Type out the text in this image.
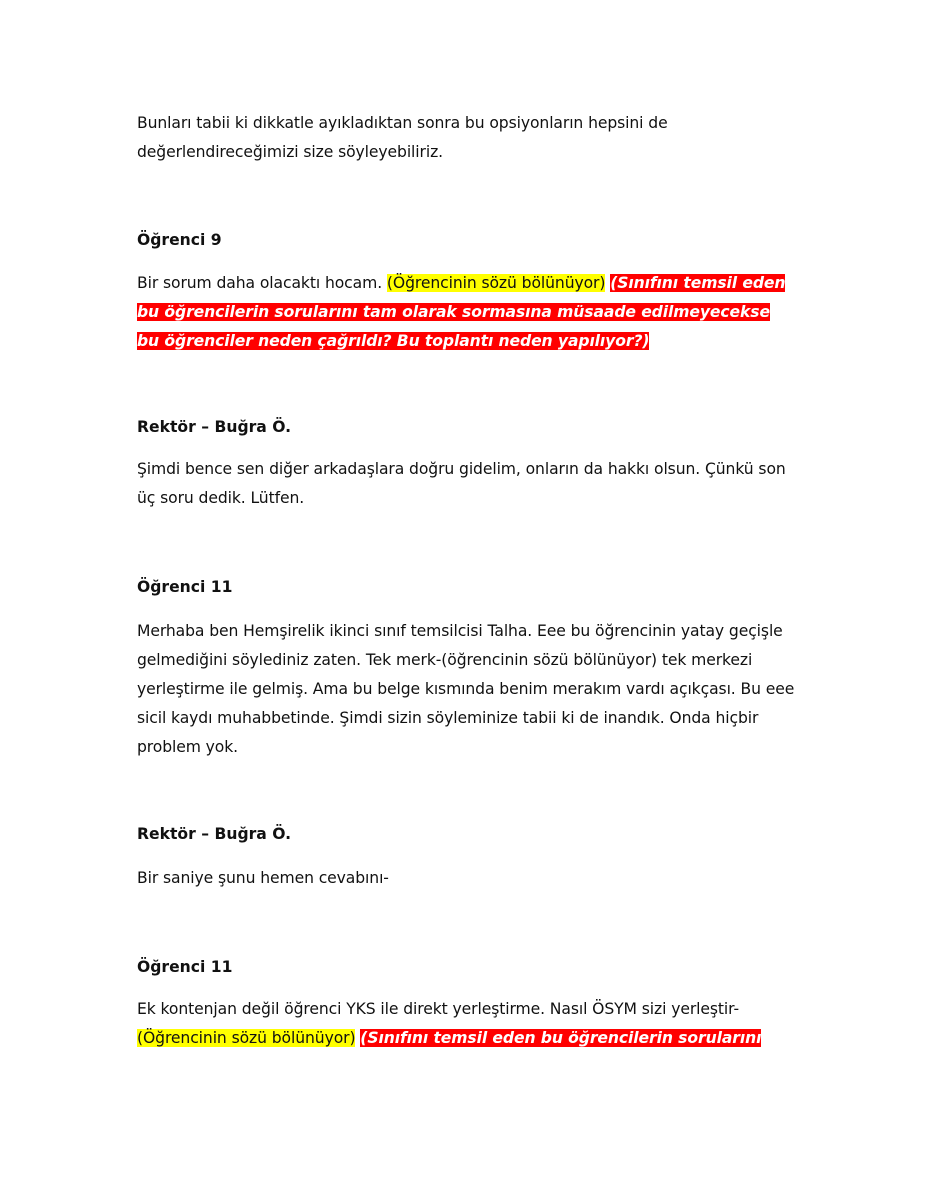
Bunları tabii ki dikkatle ayıkladıktan sonra bu opsiyonların hepsini de değerlendireceğimizi size söyleyebiliriz.

Öğrenci 9

Bir sorum daha olacaktı hocam. (Öğrencinin sözü bölünüyor) (Sınıfını temsil eden bu öğrencilerin sorularını tam olarak sormasına müsaade edilmeyecekse bu öğrenciler neden çağrıldı? Bu toplantı neden yapılıyor?)

Rektör – Buğra Ö.

Şimdi bence sen diğer arkadaşlara doğru gidelim, onların da hakkı olsun. Çünkü son üç soru dedik. Lütfen.

Öğrenci 11

Merhaba ben Hemşirelik ikinci sınıf temsilcisi Talha. Eee bu öğrencinin yatay geçişle gelmediğini söylediniz zaten. Tek merk-(öğrencinin sözü bölünüyor) tek merkezi yerleştirme ile gelmiş. Ama bu belge kısmında benim merakım vardı açıkçası. Bu eee sicil kaydı muhabbetinde. Şimdi sizin söyleminize tabii ki de inandık. Onda hiçbir problem yok.

Rektör – Buğra Ö.

Bir saniye şunu hemen cevabını-

Öğrenci 11

Ek kontenjan değil öğrenci YKS ile direkt yerleştirme. Nasıl ÖSYM sizi yerleştir- (Öğrencinin sözü bölünüyor) (Sınıfını temsil eden bu öğrencilerin sorularını
